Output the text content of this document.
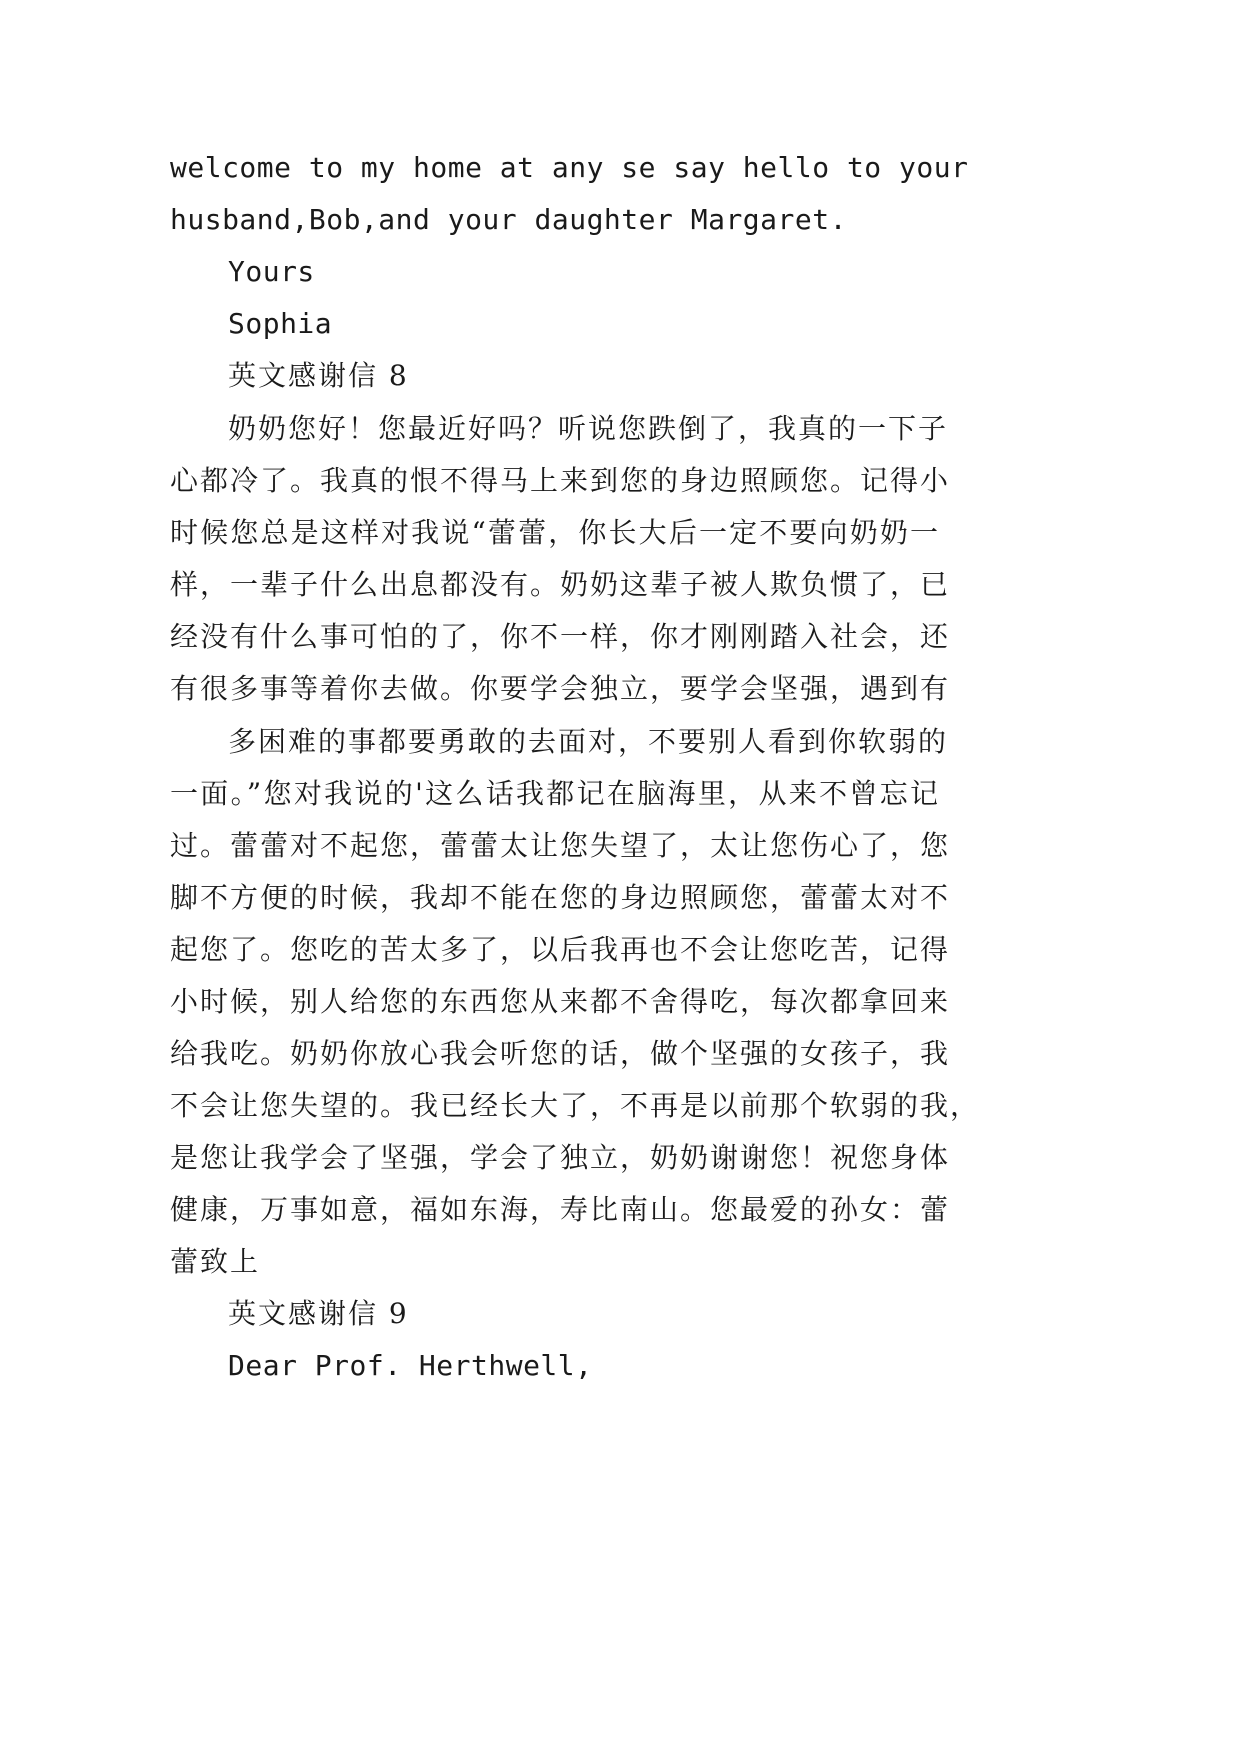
welcome to my home at any se say hello to your
husband,Bob,and your daughter Margaret.
Yours
Sophia
英文感谢信 8
奶奶您好！您最近好吗？听说您跌倒了，我真的一下子
心都冷了。我真的恨不得马上来到您的身边照顾您。记得小
时候您总是这样对我说“蕾蕾，你长大后一定不要向奶奶一
样，一辈子什么出息都没有。奶奶这辈子被人欺负惯了，已
经没有什么事可怕的了，你不一样，你才刚刚踏入社会，还
有很多事等着你去做。你要学会独立，要学会坚强，遇到有
多困难的事都要勇敢的去面对，不要别人看到你软弱的
一面。”您对我说的'这么话我都记在脑海里，从来不曾忘记
过。蕾蕾对不起您，蕾蕾太让您失望了，太让您伤心了，您
脚不方便的时候，我却不能在您的身边照顾您，蕾蕾太对不
起您了。您吃的苦太多了，以后我再也不会让您吃苦，记得
小时候，别人给您的东西您从来都不舍得吃，每次都拿回来
给我吃。奶奶你放心我会听您的话，做个坚强的女孩子，我
不会让您失望的。我已经长大了，不再是以前那个软弱的我，
是您让我学会了坚强，学会了独立，奶奶谢谢您！祝您身体
健康，万事如意，福如东海，寿比南山。您最爱的孙女：蕾
蕾致上
英文感谢信 9
Dear Prof. Herthwell,
